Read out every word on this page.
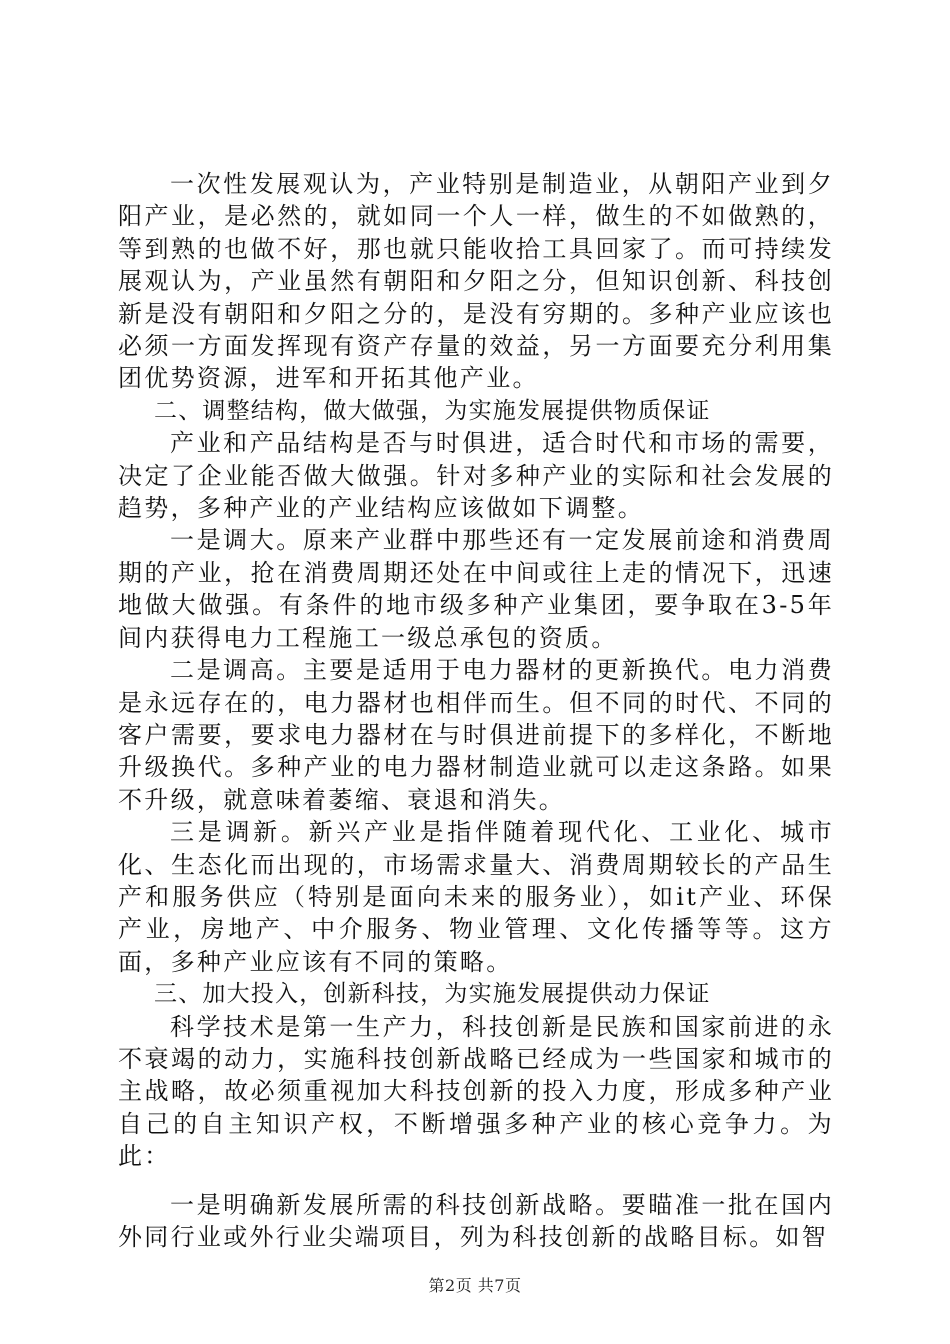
一次性发展观认为，产业特别是制造业，从朝阳产业到夕阳产业，是必然的，就如同一个人一样，做生的不如做熟的，等到熟的也做不好，那也就只能收拾工具回家了。而可持续发展观认为，产业虽然有朝阳和夕阳之分，但知识创新、科技创新是没有朝阳和夕阳之分的，是没有穷期的。多种产业应该也必须一方面发挥现有资产存量的效益，另一方面要充分利用集团优势资源，进军和开拓其他产业。

二、调整结构，做大做强，为实施发展提供物质保证

产业和产品结构是否与时俱进，适合时代和市场的需要，决定了企业能否做大做强。针对多种产业的实际和社会发展的趋势，多种产业的产业结构应该做如下调整。

一是调大。原来产业群中那些还有一定发展前途和消费周期的产业，抢在消费周期还处在中间或往上走的情况下，迅速地做大做强。有条件的地市级多种产业集团，要争取在3-5年间内获得电力工程施工一级总承包的资质。

二是调高。主要是适用于电力器材的更新换代。电力消费是永远存在的，电力器材也相伴而生。但不同的时代、不同的客户需要，要求电力器材在与时俱进前提下的多样化，不断地升级换代。多种产业的电力器材制造业就可以走这条路。如果不升级，就意味着萎缩、衰退和消失。

三是调新。新兴产业是指伴随着现代化、工业化、城市化、生态化而出现的，市场需求量大、消费周期较长的产品生产和服务供应（特别是面向未来的服务业），如it产业、环保产业，房地产、中介服务、物业管理、文化传播等等。这方面，多种产业应该有不同的策略。

三、加大投入，创新科技，为实施发展提供动力保证

科学技术是第一生产力，科技创新是民族和国家前进的永不衰竭的动力，实施科技创新战略已经成为一些国家和城市的主战略，故必须重视加大科技创新的投入力度，形成多种产业自己的自主知识产权，不断增强多种产业的核心竞争力。为此：

一是明确新发展所需的科技创新战略。要瞄准一批在国内外同行业或外行业尖端项目，列为科技创新的战略目标。如智

第2页 共7页
